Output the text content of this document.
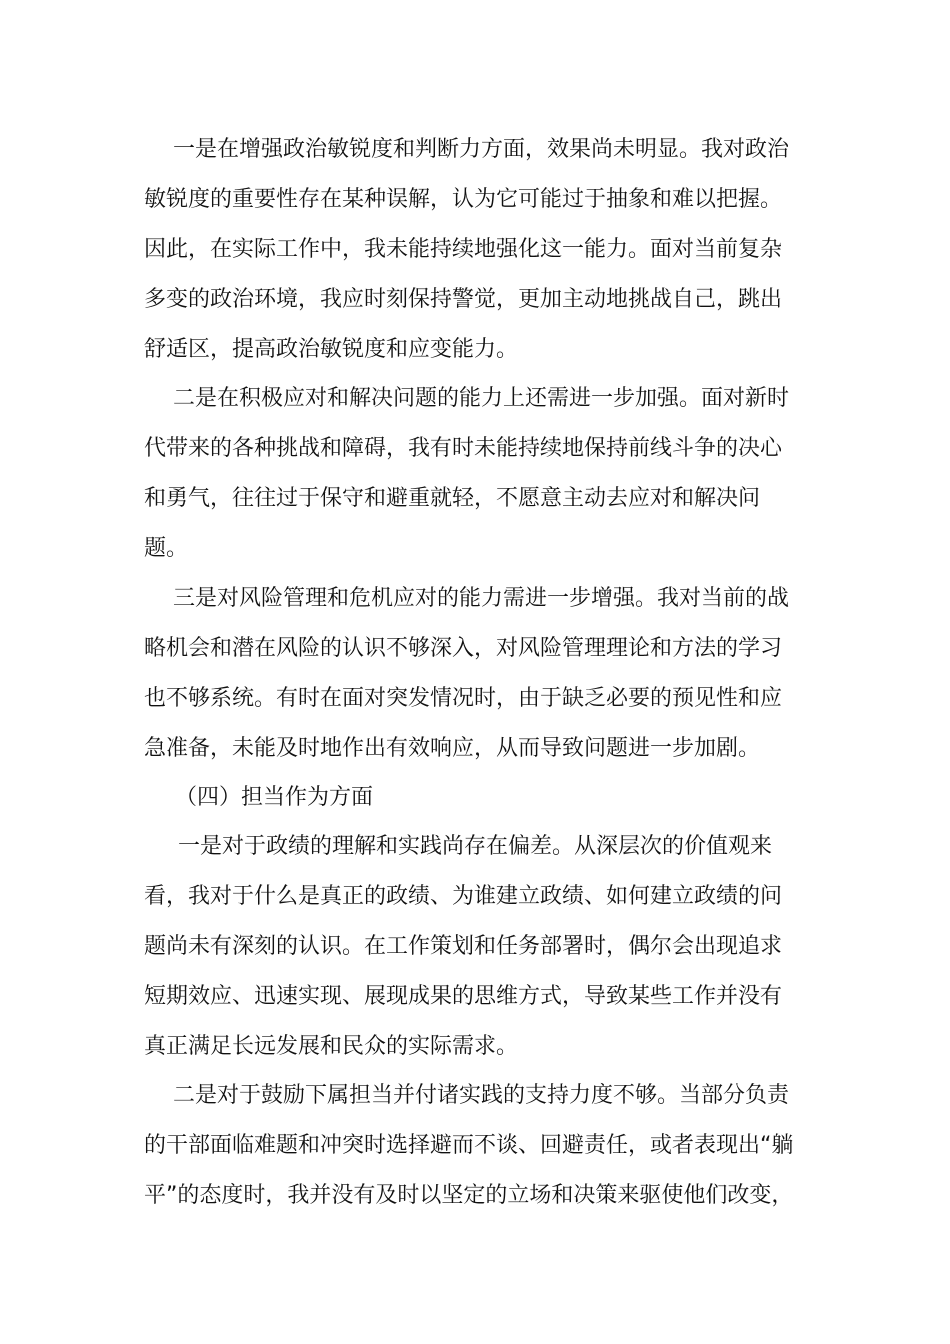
一是在增强政治敏锐度和判断力方面，效果尚未明显。我对政治
敏锐度的重要性存在某种误解，认为它可能过于抽象和难以把握。
因此，在实际工作中，我未能持续地强化这一能力。面对当前复杂
多变的政治环境，我应时刻保持警觉，更加主动地挑战自己，跳出
舒适区，提高政治敏锐度和应变能力。
二是在积极应对和解决问题的能力上还需进一步加强。面对新时
代带来的各种挑战和障碍，我有时未能持续地保持前线斗争的决心
和勇气，往往过于保守和避重就轻，不愿意主动去应对和解决问
题。
三是对风险管理和危机应对的能力需进一步增强。我对当前的战
略机会和潜在风险的认识不够深入，对风险管理理论和方法的学习
也不够系统。有时在面对突发情况时，由于缺乏必要的预见性和应
急准备，未能及时地作出有效响应，从而导致问题进一步加剧。
（四）担当作为方面
一是对于政绩的理解和实践尚存在偏差。从深层次的价值观来
看，我对于什么是真正的政绩、为谁建立政绩、如何建立政绩的问
题尚未有深刻的认识。在工作策划和任务部署时，偶尔会出现追求
短期效应、迅速实现、展现成果的思维方式，导致某些工作并没有
真正满足长远发展和民众的实际需求。
二是对于鼓励下属担当并付诸实践的支持力度不够。当部分负责
的干部面临难题和冲突时选择避而不谈、回避责任，或者表现出“躺
平”的态度时，我并没有及时以坚定的立场和决策来驱使他们改变，
